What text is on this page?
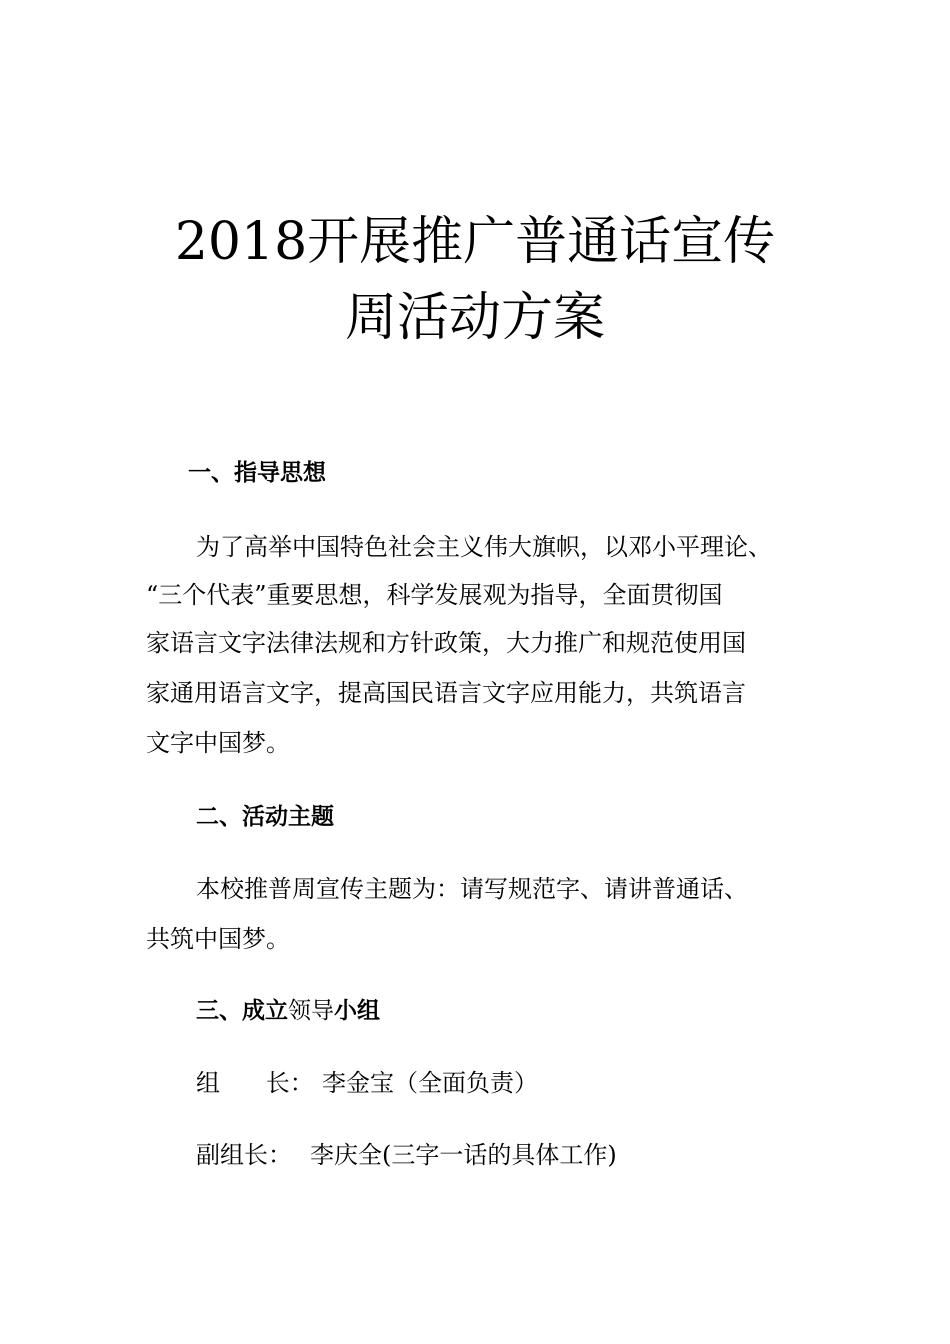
2018开展推广普通话宣传
周活动方案
一、指导思想
为了高举中国特色社会主义伟大旗帜，以邓小平理论、
“三个代表”重要思想，科学发展观为指导，全面贯彻国
家语言文字法律法规和方针政策，大力推广和规范使用国
家通用语言文字，提高国民语言文字应用能力，共筑语言
文字中国梦。
二、活动主题
本校推普周宣传主题为：请写规范字、请讲普通话、
共筑中国梦。
三、成立领导小组
组      长： 李金宝（全面负责）
副组长： 李庆全(三字一话的具体工作)
